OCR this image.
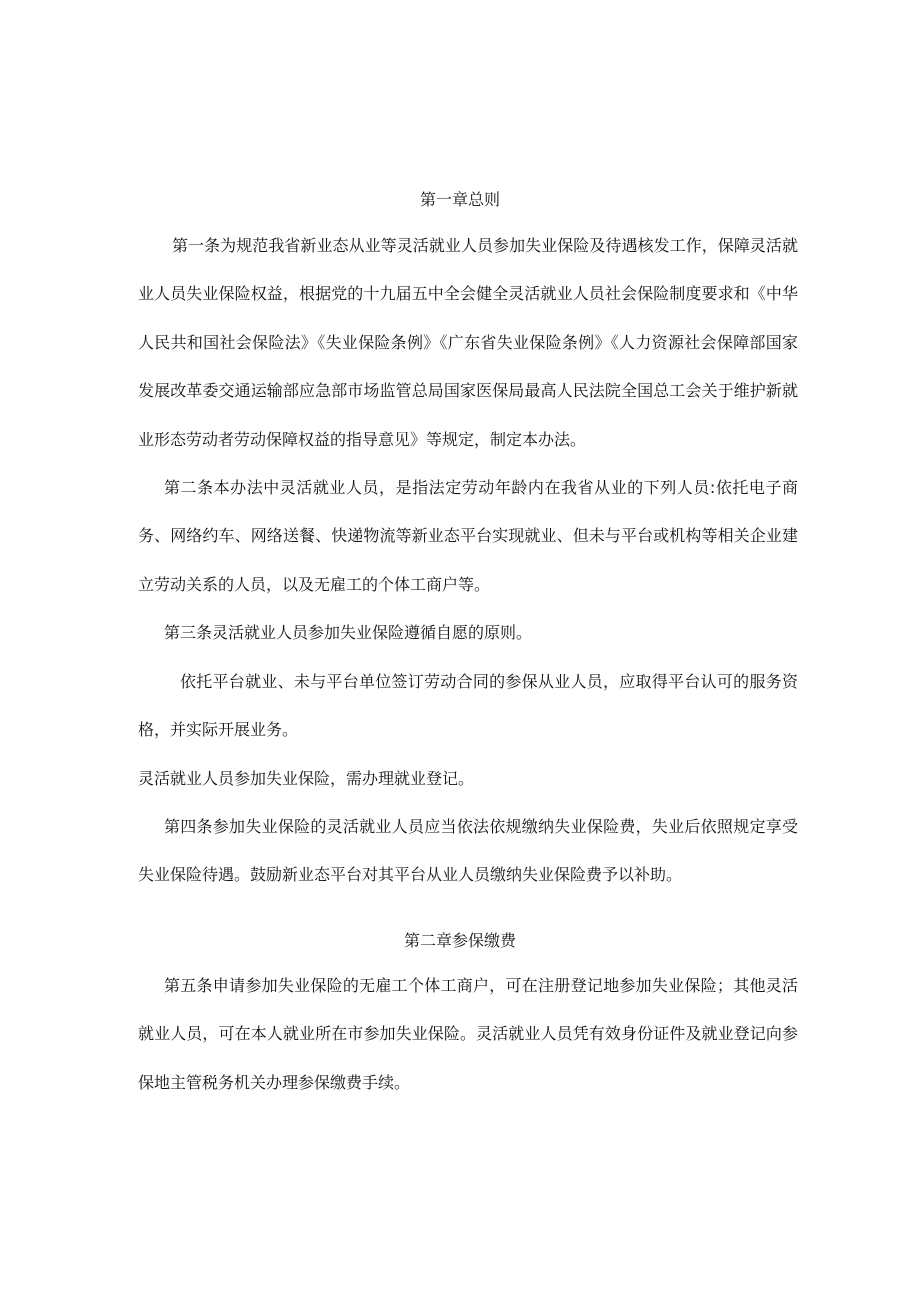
第一章总则

第一条为规范我省新业态从业等灵活就业人员参加失业保险及待遇核发工作，保障灵活就业人员失业保险权益，根据党的十九届五中全会健全灵活就业人员社会保险制度要求和《中华人民共和国社会保险法》《失业保险条例》《广东省失业保险条例》《人力资源社会保障部国家发展改革委交通运输部应急部市场监管总局国家医保局最高人民法院全国总工会关于维护新就业形态劳动者劳动保障权益的指导意见》等规定，制定本办法。

第二条本办法中灵活就业人员，是指法定劳动年龄内在我省从业的下列人员:依托电子商务、网络约车、网络送餐、快递物流等新业态平台实现就业、但未与平台或机构等相关企业建立劳动关系的人员，以及无雇工的个体工商户等。

第三条灵活就业人员参加失业保险遵循自愿的原则。

依托平台就业、未与平台单位签订劳动合同的参保从业人员，应取得平台认可的服务资格，并实际开展业务。

灵活就业人员参加失业保险，需办理就业登记。

第四条参加失业保险的灵活就业人员应当依法依规缴纳失业保险费，失业后依照规定享受失业保险待遇。鼓励新业态平台对其平台从业人员缴纳失业保险费予以补助。

第二章参保缴费

第五条申请参加失业保险的无雇工个体工商户，可在注册登记地参加失业保险；其他灵活就业人员，可在本人就业所在市参加失业保险。灵活就业人员凭有效身份证件及就业登记向参保地主管税务机关办理参保缴费手续。
